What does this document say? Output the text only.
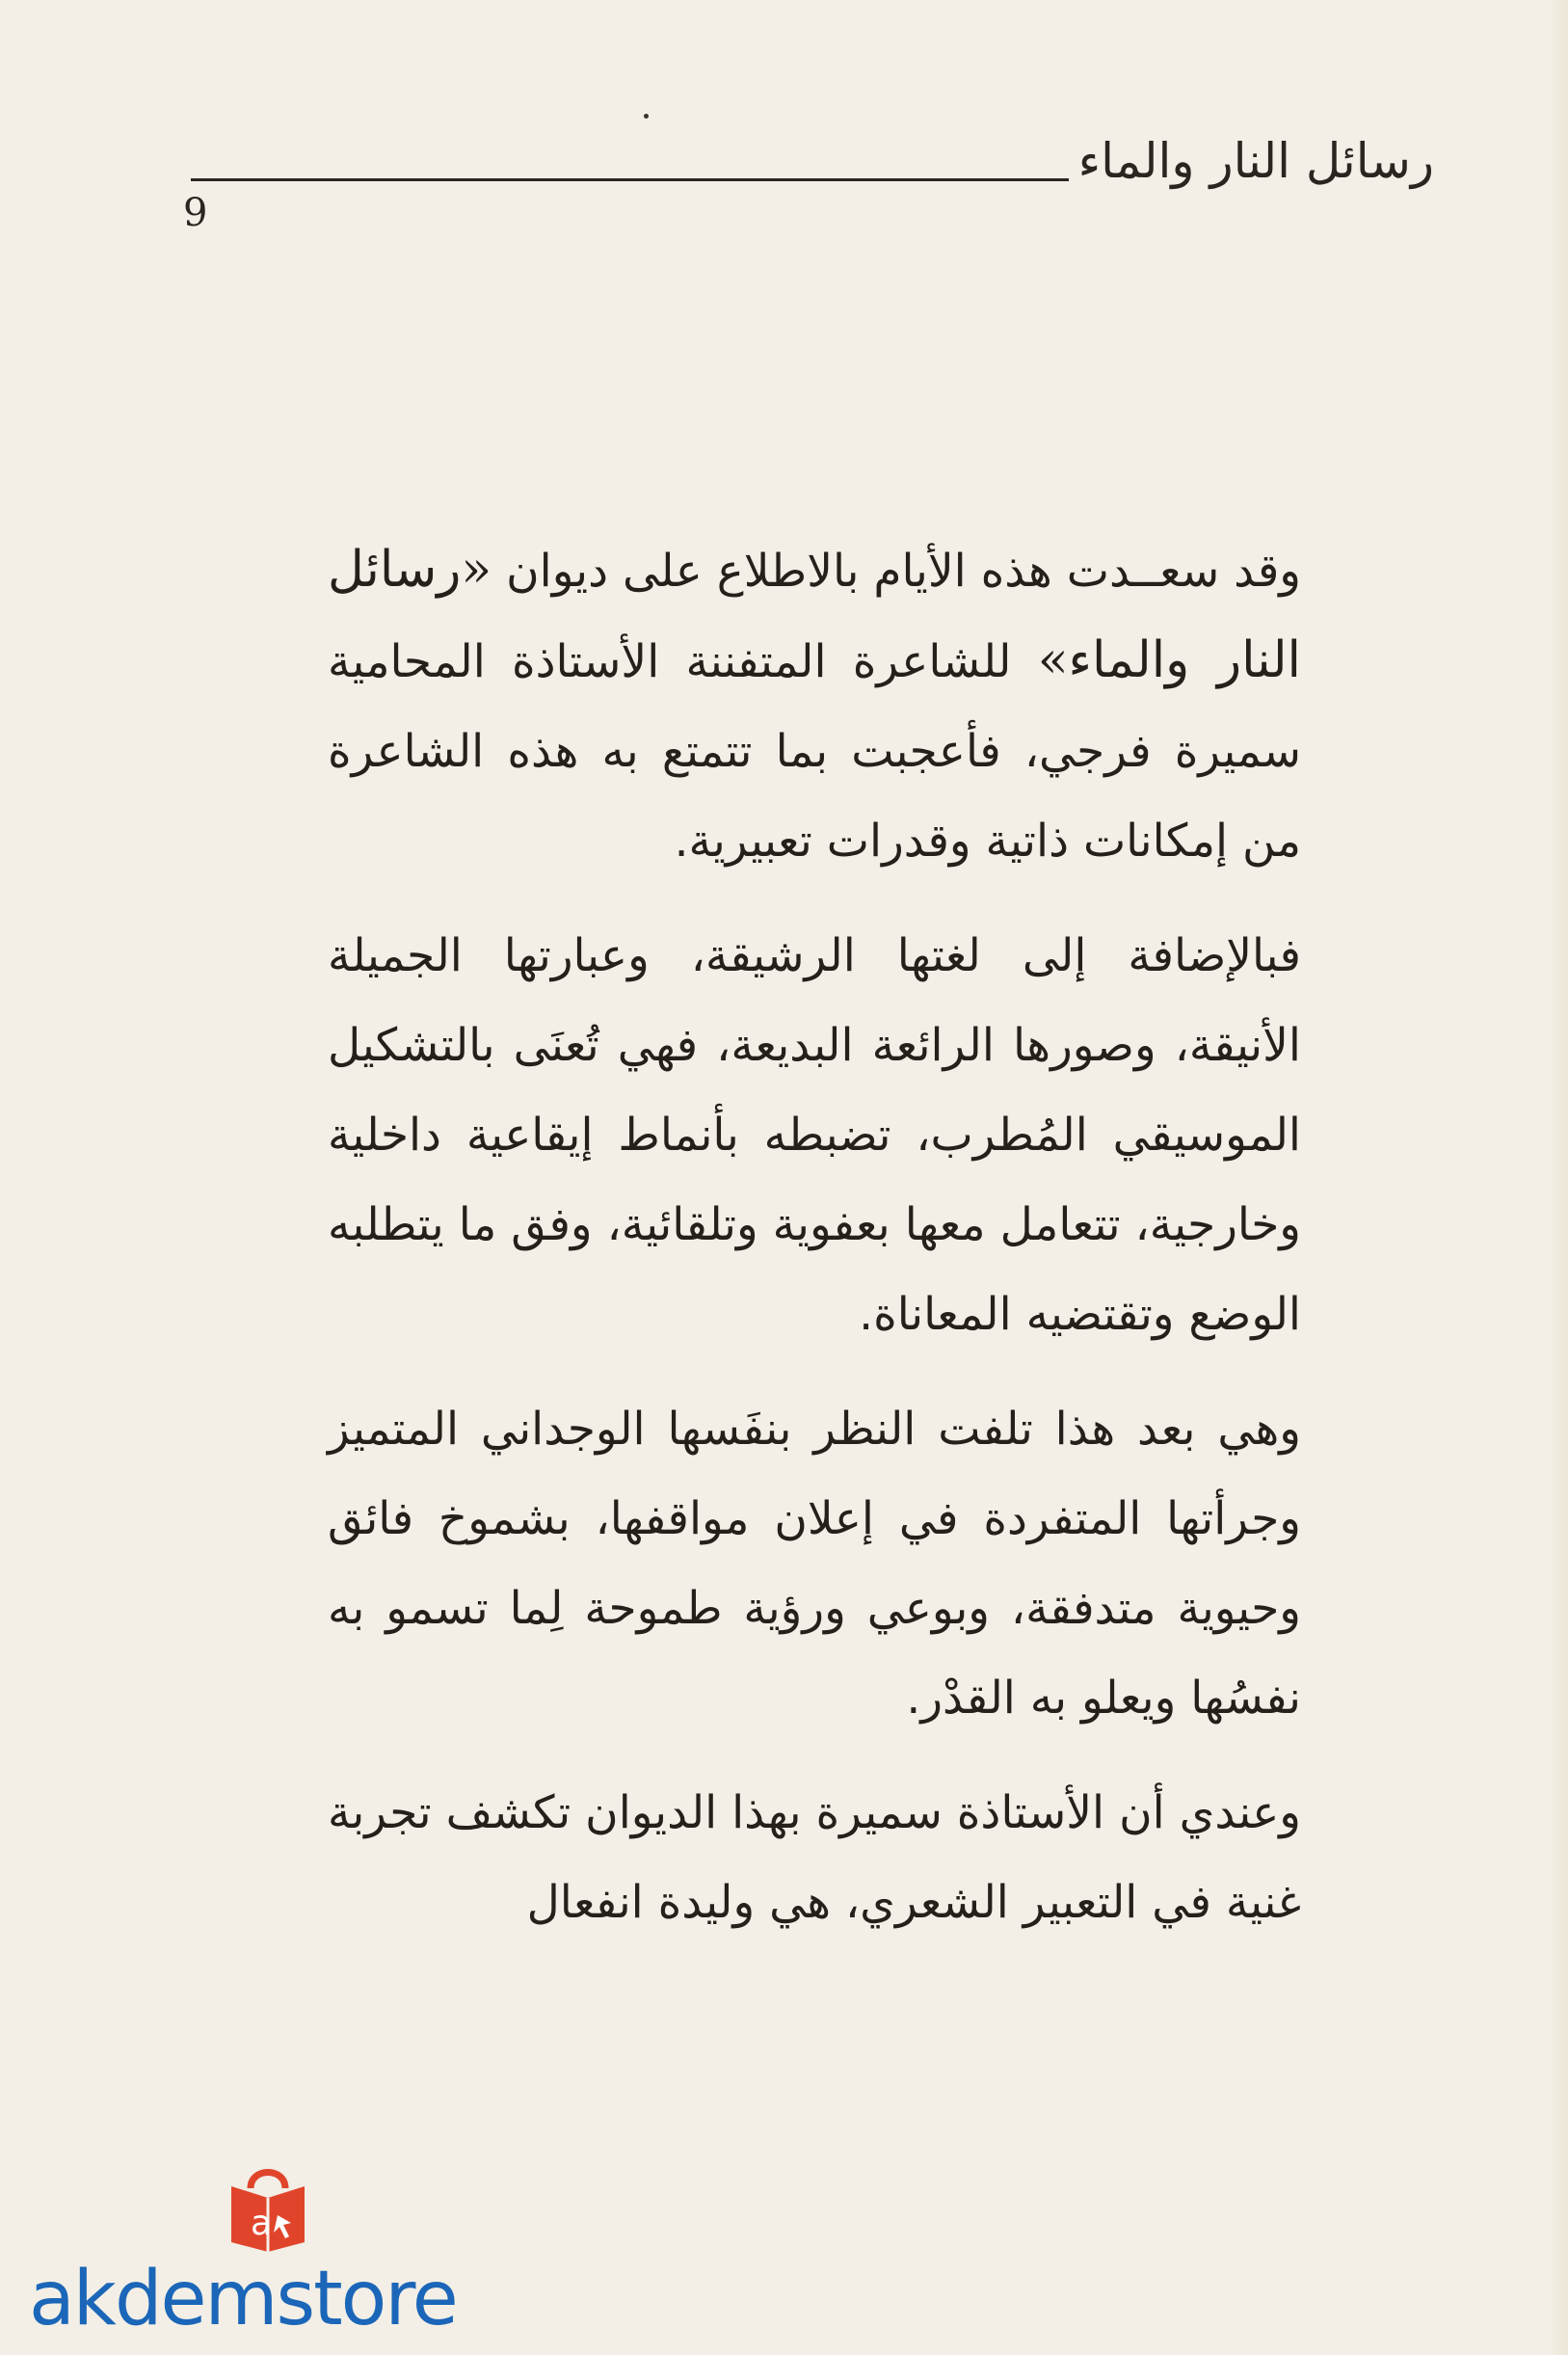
رسائل النار والماء
9

وقد سعــدت هذه الأيام بالاطلاع على ديوان «رسائل النار والماء» للشاعرة المتفننة الأستاذة المحامية سميرة فرجي، فأعجبت بما تتمتع به هذه الشاعرة من إمكانات ذاتية وقدرات تعبيرية.

فبالإضافة إلى لغتها الرشيقة، وعبارتها الجميلة الأنيقة، وصورها الرائعة البديعة، فهي تُعنَى بالتشكيل الموسيقي المُطرب، تضبطه بأنماط إيقاعية داخلية وخارجية، تتعامل معها بعفوية وتلقائية، وفق ما يتطلبه الوضع وتقتضيه المعاناة.

وهي بعد هذا تلفت النظر بنفَسها الوجداني المتميز وجرأتها المتفردة في إعلان مواقفها، بشموخ فائق وحيوية متدفقة، وبوعي ورؤية طموحة لِما تسمو به نفسُها ويعلو به القدْر.

وعندي أن الأستاذة سميرة بهذا الديوان تكشف تجربة غنية في التعبير الشعري، هي وليدة انفعال

a
akdemstore
